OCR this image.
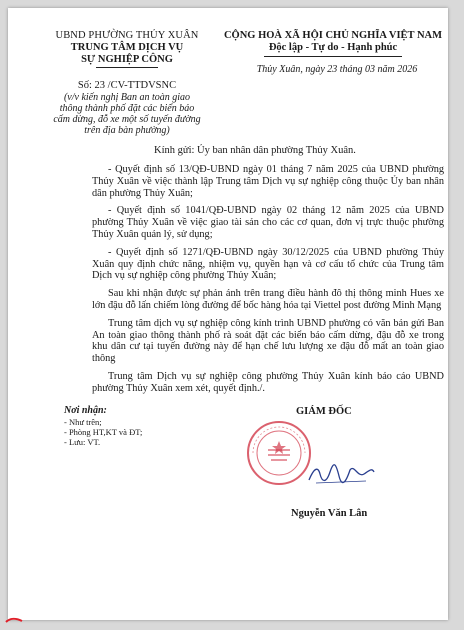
UBND PHƯỜNG THỦY XUÂN
TRUNG TÂM DỊCH VỤ
SỰ NGHIỆP CÔNG
CỘNG HOÀ XÃ HỘI CHỦ NGHĨA VIỆT NAM
Độc lập - Tự do - Hạnh phúc
Thủy Xuân, ngày 23 tháng 03 năm 2026
Số: 23 /CV-TTDVSNC
(v/v kiến nghị Ban an toàn giao thông thành phố đặt các biển báo cấm dừng, đỗ xe một số tuyến đường trên địa bàn phường)
Kính gửi: Ủy ban nhân dân phường Thủy Xuân.

- Quyết định số 13/QĐ-UBND ngày 01 tháng 7 năm 2025 của UBND phường Thủy Xuân về việc thành lập Trung tâm Dịch vụ sự nghiệp công thuộc Ủy ban nhân dân phường Thủy Xuân;

- Quyết định số 1041/QĐ-UBND ngày 02 tháng 12 năm 2025 của UBND phường Thủy Xuân về việc giao tài sản cho các cơ quan, đơn vị trực thuộc phường Thủy Xuân quản lý, sử dụng;

- Quyết định số 1271/QĐ-UBND ngày 30/12/2025 của UBND phường Thủy Xuân quy định chức năng, nhiệm vụ, quyền hạn và cơ cấu tổ chức của Trung tâm Dịch vụ sự nghiệp công phường Thủy Xuân;

Sau khi nhận được sự phản ánh trên trang điều hành đô thị thông minh Hues xe lớn đậu đỗ lấn chiếm lòng đường để bốc hàng hóa tại Viettel post đường Minh Mạng

Trung tâm dịch vụ sự nghiệp công kính trình UBND phường có văn bản gửi Ban An toàn giao thông thành phố rà soát đặt các biển báo cấm dừng, đậu đỗ xe trong khu dân cư tại tuyến đường này để hạn chế lưu lượng xe đậu đỗ mất an toàn giao thông

Trung tâm Dịch vụ sự nghiệp công phường Thủy Xuân kính báo cáo UBND phường Thủy Xuân xem xét, quyết định./.

Nơi nhận:
- Như trên;
- Phòng HT,KT và ĐT;
- Lưu: VT.
GIÁM ĐỐC
Nguyễn Văn Lân
